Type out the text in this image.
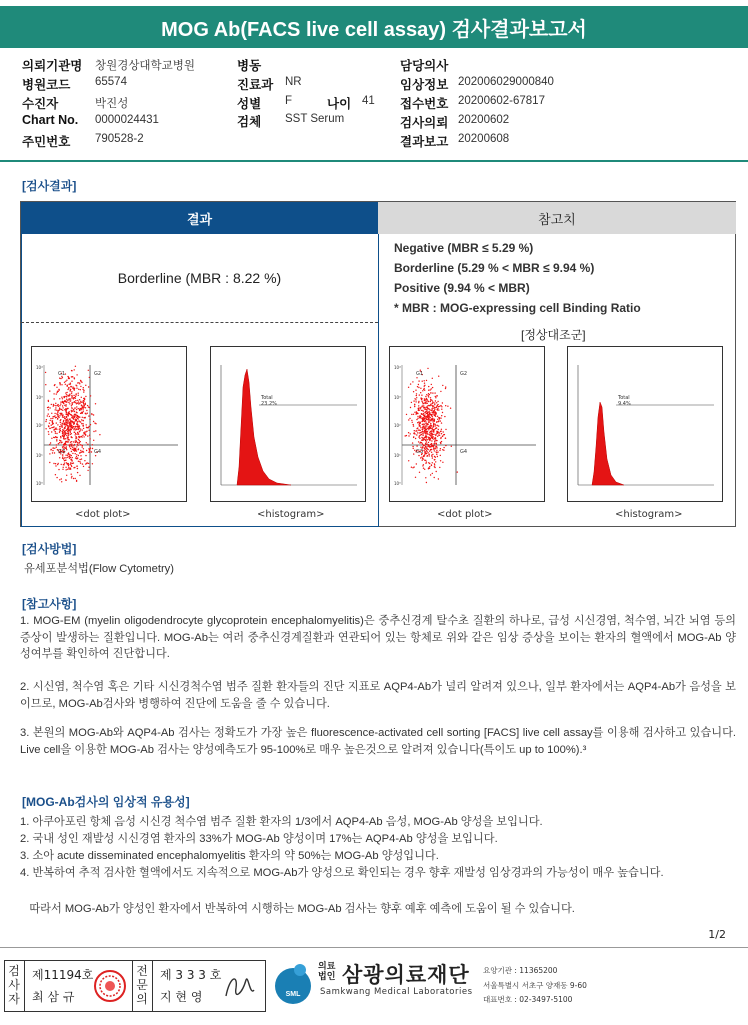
MOG Ab(FACS live cell assay) 검사결과보고서
의뢰기관명 창원경상대학교병원	병동	담당의사
병원코드 65574	진료과 NR	임상정보 202006029000840
수진자	박진성	성별 F	나이 41 접수번호 20200602-67817
Chart No. 0000024431	검체 SST Serum	검사의뢰 20200602
주민번호 790528-2	결과보고 20200608
[검사결과]
결과	참고치
Borderline (MBR : 8.22 %)
Negative (MBR ≤ 5.29 %)
Borderline (5.29 % < MBR ≤ 9.94 %)
Positive (9.94 % < MBR)
* MBR : MOG-expressing cell Binding Ratio
[정상대조군]
10⁴
10³
10²
10¹
10⁰
G1	G2
G3	G4
<dot plot>
Total 23.2%
<histogram>
10⁴
10³
10²
10¹
10⁰
G1	G2
G3	G4
<dot plot>
Total 9.4%
<histogram>
[검사방법]
유세포분석법(Flow Cytometry)
[참고사항]
1. MOG-EM (myelin oligodendrocyte glycoprotein encephalomyelitis)은 중추신경계 탈수초 질환의 하나로, 급성 시신경염, 척수염, 뇌간 뇌염 등의 증상이 발생하는 질환입니다. MOG-Ab는 여러 중추신경계질환과 연관되어 있는 항체로 위와 같은 임상 증상을 보이는 환자의 혈액에서 MOG-Ab 양성여부를 확인하여 진단합니다.
2. 시신염, 척수염 혹은 기타 시신경척수염 범주 질환 환자들의 진단 지표로 AQP4-Ab가 널리 알려져 있으나, 일부 환자에서는 AQP4-Ab가 음성을 보이므로, MOG-Ab검사와 병행하여 진단에 도움을 줄 수 있습니다.
3. 본원의 MOG-Ab와 AQP4-Ab 검사는 정확도가 가장 높은 fluorescence-activated cell sorting [FACS] live cell assay를 이용해 검사하고 있습니다. Live cell을 이용한 MOG-Ab 검사는 양성예측도가 95-100%로 매우 높은것으로 알려져 있습니다(특이도 up to 100%).³
[MOG-Ab검사의 임상적 유용성]
1. 아쿠아포린 항체 음성 시신경 척수염 범주 질환 환자의 1/3에서 AQP4-Ab 음성, MOG-Ab 양성을 보입니다.
2. 국내 성인 재발성 시신경염 환자의 33%가 MOG-Ab 양성이며 17%는 AQP4-Ab 양성을 보입니다.
3. 소아 acute disseminated encephalomyelitis 환자의 약 50%는 MOG-Ab 양성입니다.
4. 반복하여 추적 검사한 혈액에서도 지속적으로 MOG-Ab가 양성으로 확인되는 경우 향후 재발성 임상경과의 가능성이 매우 높습니다.
따라서 MOG-Ab가 양성인 환자에서 반복하여 시행하는 MOG-Ab 검사는 향후 예후 예측에 도움이 될 수 있습니다.
1/2
검
사
자
제11194호
최 삼 규
전
문
의
제 3 3 3 호
지 현 영	SML
의료
법인 삼광의료재단
Samkwang Medical Laboratories
요양기관 : 11365200
서울특별시 서초구 양재동 9-60
대표번호 : 02-3497-5100
